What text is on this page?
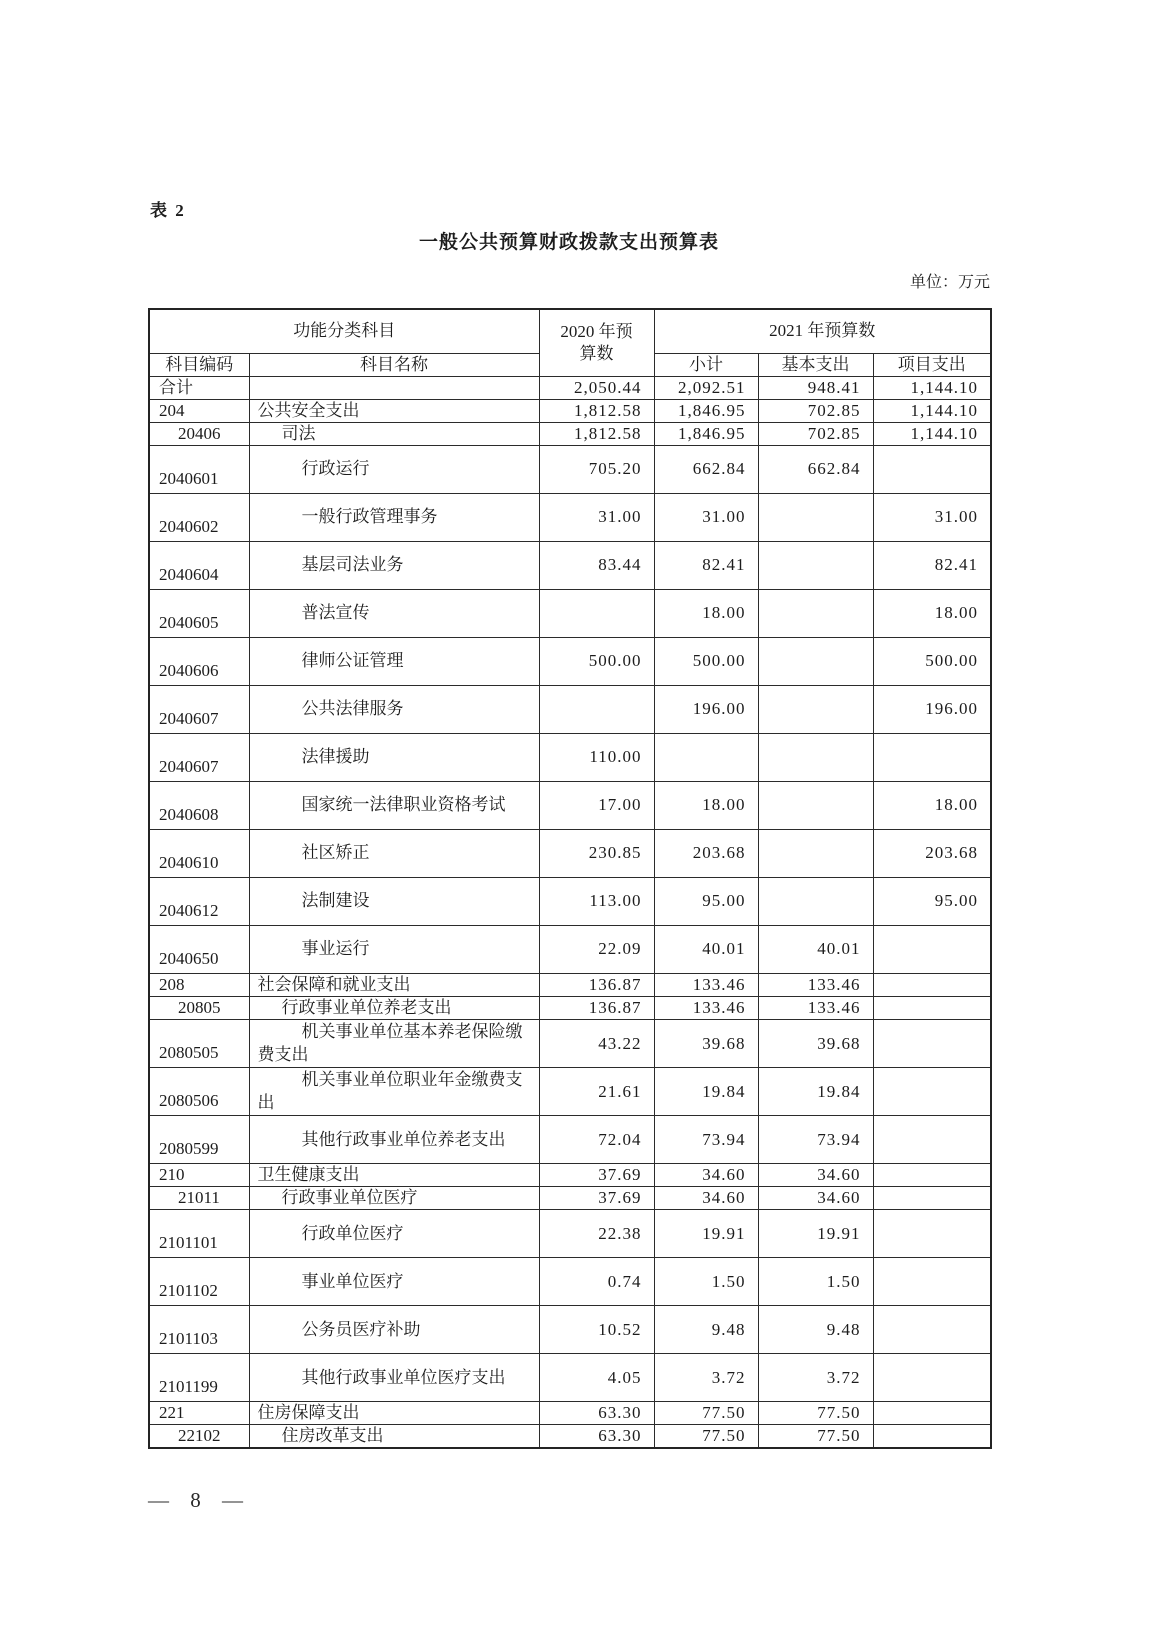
表 2
一般公共预算财政拨款支出预算表
单位：万元
功能分类科目		2020 年预算数	2021 年预算数		
科目编码	科目名称		小计	基本支出	项目支出
合计		2,050.44	2,092.51	948.41	1,144.10
204	公共安全支出	1,812.58	1,846.95	702.85	1,144.10
20406	司法	1,812.58	1,846.95	702.85	1,144.10
2040601	行政运行	705.20	662.84	662.84	
2040602	一般行政管理事务	31.00	31.00		31.00
2040604	基层司法业务	83.44	82.41		82.41
2040605	普法宣传		18.00		18.00
2040606	律师公证管理	500.00	500.00		500.00
2040607	公共法律服务		196.00		196.00
2040607	法律援助	110.00			
2040608	国家统一法律职业资格考试	17.00	18.00		18.00
2040610	社区矫正	230.85	203.68		203.68
2040612	法制建设	113.00	95.00		95.00
2040650	事业运行	22.09	40.01	40.01	
208	社会保障和就业支出	136.87	133.46	133.46	
20805	行政事业单位养老支出	136.87	133.46	133.46	
2080505	机关事业单位基本养老保险缴费支出	43.22	39.68	39.68	
2080506	机关事业单位职业年金缴费支出	21.61	19.84	19.84	
2080599	其他行政事业单位养老支出	72.04	73.94	73.94	
210	卫生健康支出	37.69	34.60	34.60	
21011	行政事业单位医疗	37.69	34.60	34.60	
2101101	行政单位医疗	22.38	19.91	19.91	
2101102	事业单位医疗	0.74	1.50	1.50	
2101103	公务员医疗补助	10.52	9.48	9.48	
2101199	其他行政事业单位医疗支出	4.05	3.72	3.72	
221	住房保障支出	63.30	77.50	77.50	
22102	住房改革支出	63.30	77.50	77.50	
— 8 —
